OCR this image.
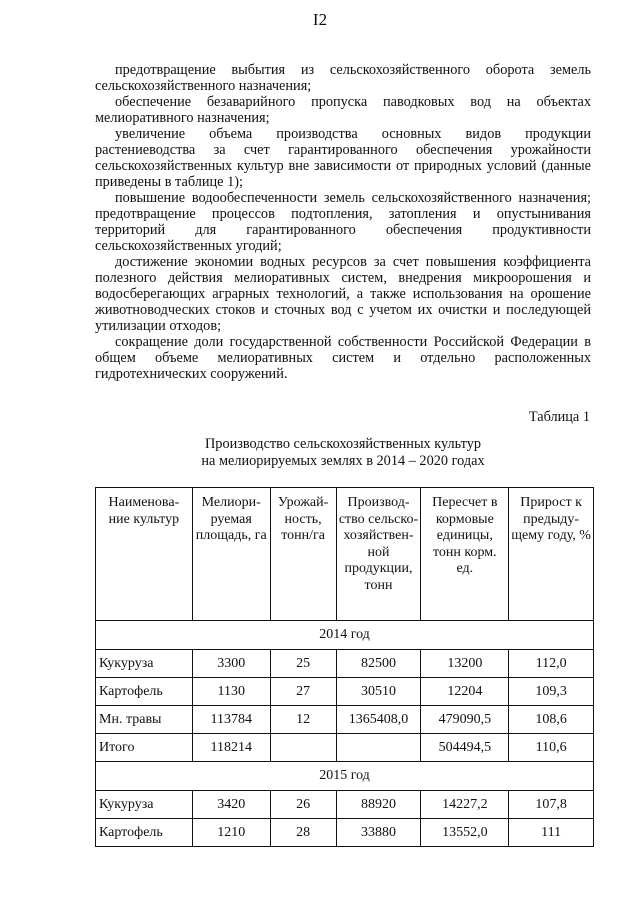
I2

предотвращение выбытия из сельскохозяйственного оборота земель сельскохозяйственного назначения;

обеспечение безаварийного пропуска паводковых вод на объектах мелиоративного назначения;

увеличение объема производства основных видов продукции растениеводства за счет гарантированного обеспечения урожайности сельскохозяйственных культур вне зависимости от природных условий (данные приведены в таблице 1);

повышение водообеспеченности земель сельскохозяйственного назначения; предотвращение процессов подтопления, затопления и опустынивания территорий для гарантированного обеспечения продуктивности сельскохозяйственных угодий;

достижение экономии водных ресурсов за счет повышения коэффициента полезного действия мелиоративных систем, внедрения микроорошения и водосберегающих аграрных технологий, а также использования на орошение животноводческих стоков и сточных вод с учетом их очистки и последующей утилизации отходов;

сокращение доли государственной собственности Российской Федерации в общем объеме мелиоративных систем и отдельно расположенных гидротехнических сооружений.

Таблица 1
Производство сельскохозяйственных культур
на мелиорируемых землях в 2014 – 2020 годах
Наименова-ние культур	Мелиори-руемая площадь, га	Урожай-ность, тонн/га	Производ-ство сельско-хозяйствен-ной продукции, тонн	Пересчет в кормовые единицы, тонн корм. ед.	Прирост к предыду-щему году, %
2014 год					
Кукуруза	3300	25	82500	13200	112,0
Картофель	1130	27	30510	12204	109,3
Мн. травы	113784	12	1365408,0	479090,5	108,6
Итого	118214			504494,5	110,6
2015 год					
Кукуруза	3420	26	88920	14227,2	107,8
Картофель	1210	28	33880	13552,0	111
